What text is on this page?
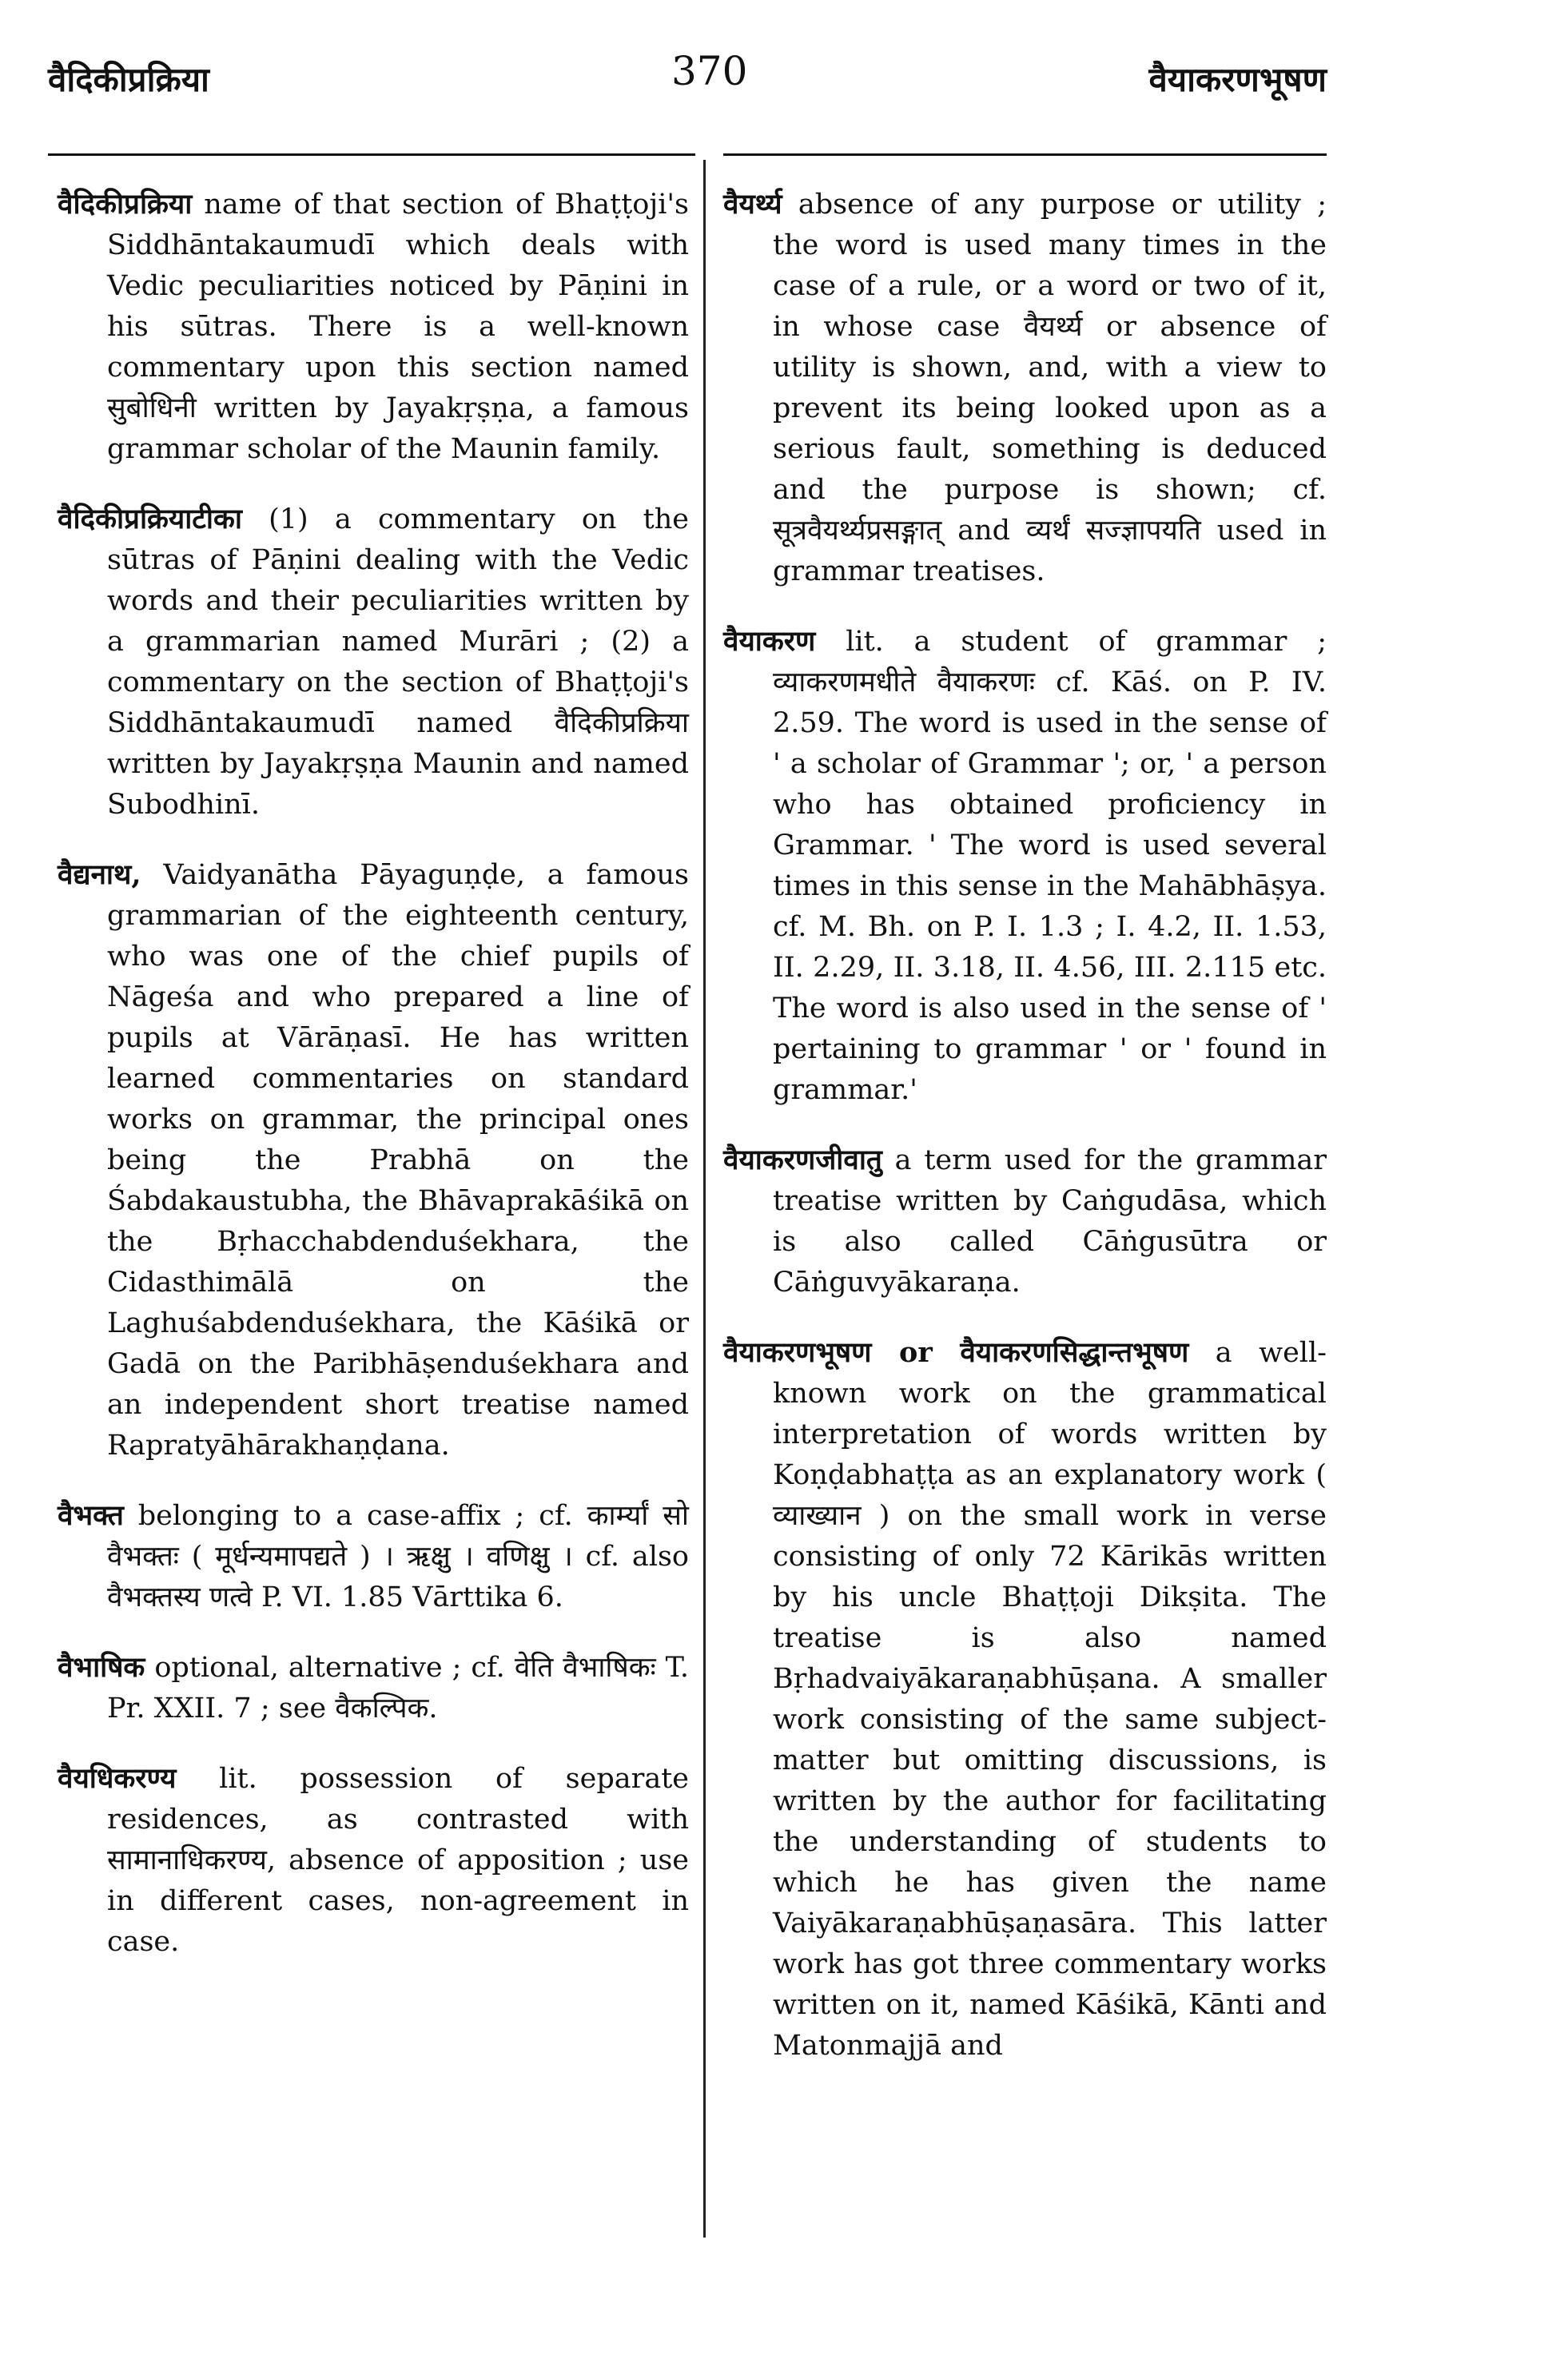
वैदिकीप्रक्रिया	370	वैयाकरणभूषण

वैदिकीप्रक्रिया name of that section of Bhaṭṭoji's Siddhāntakaumudī which deals with Vedic peculiarities noticed by Pāṇini in his sūtras. There is a well-known commentary upon this section named सुबोधिनी written by Jayakṛṣṇa, a famous grammar scholar of the Maunin family.

वैदिकीप्रक्रियाटीका (1) a commentary on the sūtras of Pāṇini dealing with the Vedic words and their peculiarities written by a grammarian named Murāri ; (2) a commentary on the section of Bhaṭṭoji's Siddhāntakaumudī named वैदिकीप्रक्रिया written by Jayakṛṣṇa Maunin and named Subodhinī.

वैद्यनाथ, Vaidyanātha Pāyaguṇḍe, a famous grammarian of the eighteenth century, who was one of the chief pupils of Nāgeśa and who prepared a line of pupils at Vārāṇasī. He has written learned commentaries on standard works on grammar, the principal ones being the Prabhā on the Śabdakaustubha, the Bhāvaprakāśikā on the Bṛhacchabdenduśekhara, the Cidasthimālā on the Laghuśabdenduśekhara, the Kāśikā or Gadā on the Paribhāṣenduśekhara and an independent short treatise named Rapratyāhārakhaṇḍana.

वैभक्त belonging to a case-affix ; cf. कार्म्यां सो वैभक्तः ( मूर्धन्यमापद्यते ) । ऋक्षु । वणिक्षु । cf. also वैभक्तस्य णत्वे P. VI. 1.85 Vārttika 6.

वैभाषिक optional, alternative ; cf. वेति वैभाषिकः T. Pr. XXII. 7 ; see वैकल्पिक.

वैयधिकरण्य lit. possession of separate residences, as contrasted with सामानाधिकरण्य, absence of apposition ; use in different cases, non-agreement in case.

वैयर्थ्य absence of any purpose or utility ; the word is used many times in the case of a rule, or a word or two of it, in whose case वैयर्थ्य or absence of utility is shown, and, with a view to prevent its being looked upon as a serious fault, something is deduced and the purpose is shown; cf. सूत्रवैयर्थ्यप्रसङ्गात् and व्यर्थं सज्ज्ञापयति used in grammar treatises.

वैयाकरण lit. a student of grammar ; व्याकरणमधीते वैयाकरणः cf. Kāś. on P. IV. 2.59. The word is used in the sense of ' a scholar of Grammar '; or, ' a person who has obtained proficiency in Grammar. ' The word is used several times in this sense in the Mahābhāṣya. cf. M. Bh. on P. I. 1.3 ; I. 4.2, II. 1.53, II. 2.29, II. 3.18, II. 4.56, III. 2.115 etc. The word is also used in the sense of ' pertaining to grammar ' or ' found in grammar.'

वैयाकरणजीवातु a term used for the grammar treatise written by Caṅgudāsa, which is also called Cāṅgusūtra or Cāṅguvyākaraṇa.

वैयाकरणभूषण or वैयाकरणसिद्धान्तभूषण a well-known work on the grammatical interpretation of words written by Koṇḍabhaṭṭa as an explanatory work ( व्याख्यान ) on the small work in verse consisting of only 72 Kārikās written by his uncle Bhaṭṭoji Dikṣita. The treatise is also named Bṛhadvaiyākaraṇabhūṣana. A smaller work consisting of the same subject-matter but omitting discussions, is written by the author for facilitating the understanding of students to which he has given the name Vaiyākaraṇabhūṣaṇasāra. This latter work has got three commentary works written on it, named Kāśikā, Kānti and Matonmajjā and
